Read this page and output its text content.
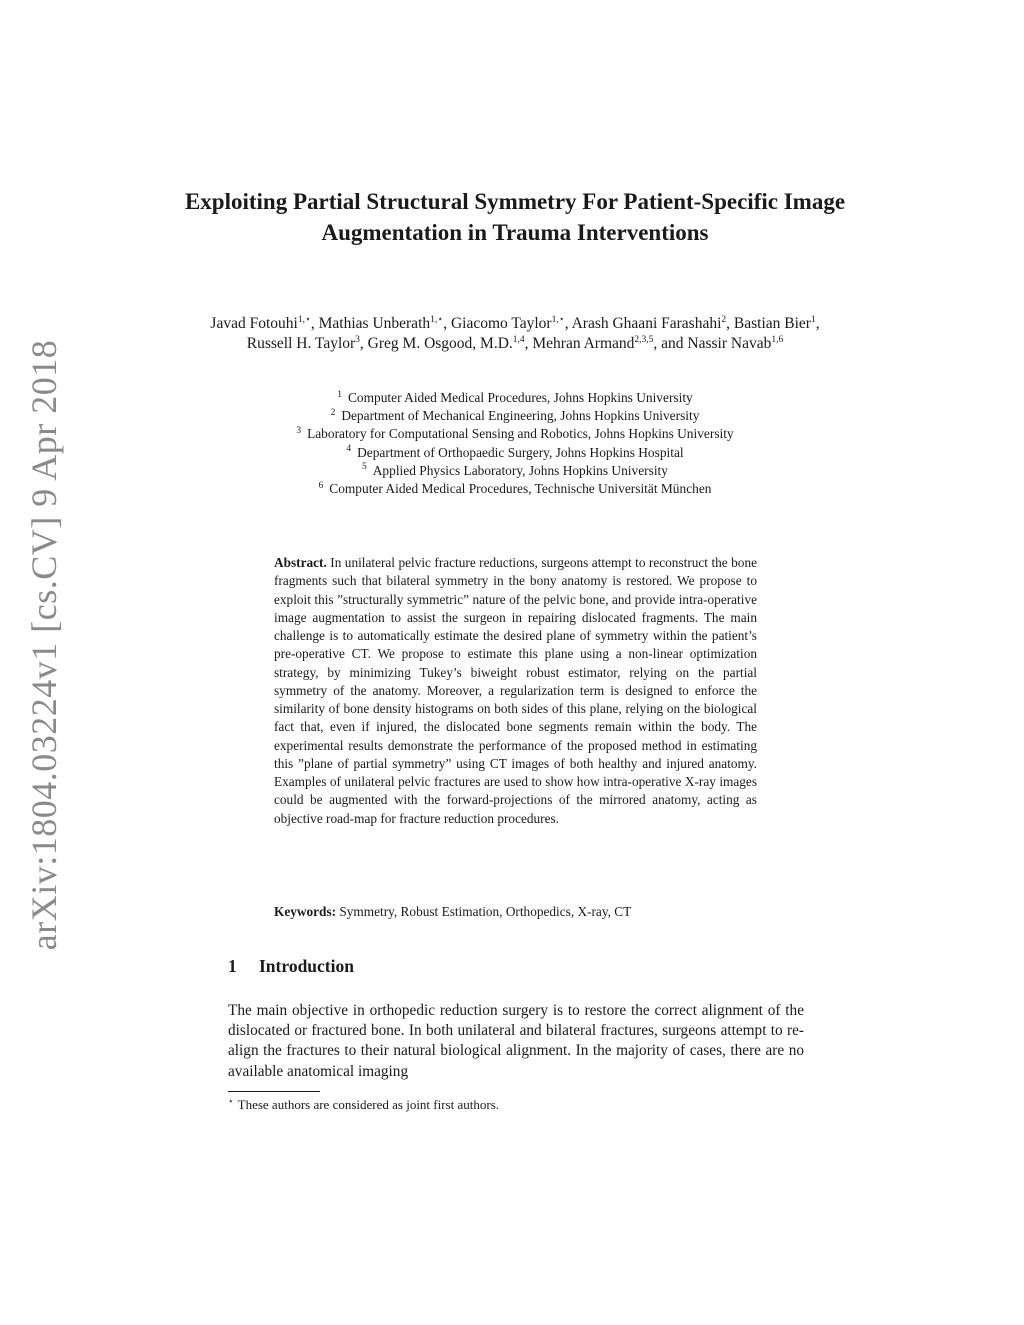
arXiv:1804.03224v1 [cs.CV] 9 Apr 2018
Exploiting Partial Structural Symmetry For Patient-Specific Image Augmentation in Trauma Interventions
Javad Fotouhi$^{1,⋆}$, Mathias Unberath$^{1,⋆}$, Giacomo Taylor$^{1,⋆}$, Arash Ghaani Farashahi$^2$, Bastian Bier$^1$, Russell H. Taylor$^3$, Greg M. Osgood, M.D.$^{1,4}$, Mehran Armand$^{2,3,5}$, and Nassir Navab$^{1,6}$
$^1$ Computer Aided Medical Procedures, Johns Hopkins University
$^2$ Department of Mechanical Engineering, Johns Hopkins University
$^3$ Laboratory for Computational Sensing and Robotics, Johns Hopkins University
$^4$ Department of Orthopaedic Surgery, Johns Hopkins Hospital
$^5$ Applied Physics Laboratory, Johns Hopkins University
$^6$ Computer Aided Medical Procedures, Technische Universität München
Abstract. In unilateral pelvic fracture reductions, surgeons attempt to reconstruct the bone fragments such that bilateral symmetry in the bony anatomy is restored. We propose to exploit this ”structurally symmetric” nature of the pelvic bone, and provide intra-operative image augmentation to assist the surgeon in repairing dislocated fragments. The main challenge is to automatically estimate the desired plane of symmetry within the patient’s pre-operative CT. We propose to estimate this plane using a non-linear optimization strategy, by minimizing Tukey’s biweight robust estimator, relying on the partial symmetry of the anatomy. Moreover, a regularization term is designed to enforce the similarity of bone density histograms on both sides of this plane, relying on the biological fact that, even if injured, the dislocated bone segments remain within the body. The experimental results demonstrate the performance of the proposed method in estimating this ”plane of partial symmetry” using CT images of both healthy and injured anatomy. Examples of unilateral pelvic fractures are used to show how intra-operative X-ray images could be augmented with the forward-projections of the mirrored anatomy, acting as objective road-map for fracture reduction procedures.
Keywords: Symmetry, Robust Estimation, Orthopedics, X-ray, CT
1 Introduction

The main objective in orthopedic reduction surgery is to restore the correct alignment of the dislocated or fractured bone. In both unilateral and bilateral fractures, surgeons attempt to re-align the fractures to their natural biological alignment. In the majority of cases, there are no available anatomical imaging

⋆ These authors are considered as joint first authors.
